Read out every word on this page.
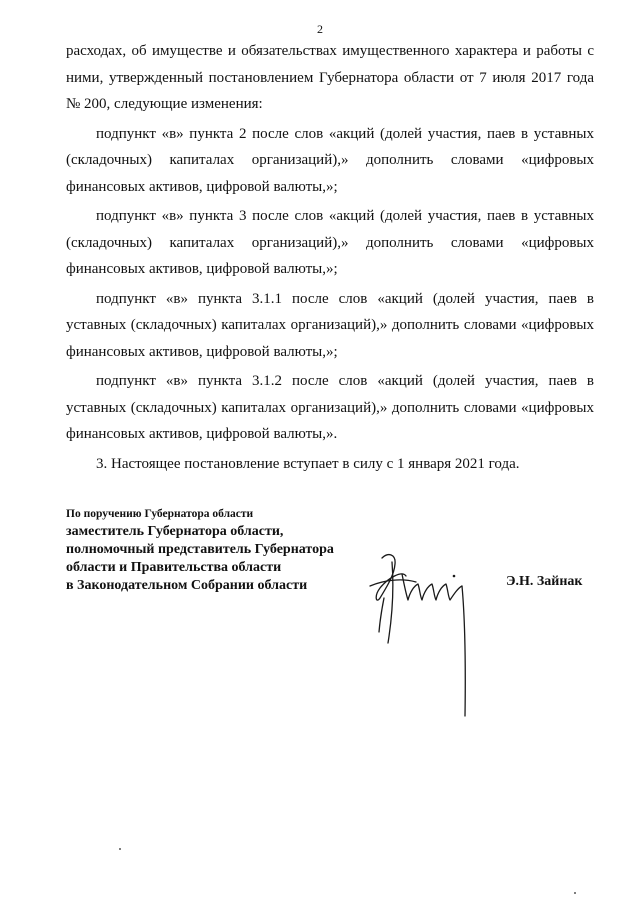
2

расходах, об имуществе и обязательствах имущественного характера и работы с ними, утвержденный постановлением Губернатора области от 7 июля 2017 года № 200, следующие изменения:

подпункт «в» пункта 2 после слов «акций (долей участия, паев в уставных (складочных) капиталах организаций),» дополнить словами «цифровых финансовых активов, цифровой валюты,»;

подпункт «в» пункта 3 после слов «акций (долей участия, паев в уставных (складочных) капиталах организаций),» дополнить словами «цифровых финансовых активов, цифровой валюты,»;

подпункт «в» пункта 3.1.1 после слов «акций (долей участия, паев в уставных (складочных) капиталах организаций),» дополнить словами «цифровых финансовых активов, цифровой валюты,»;

подпункт «в» пункта 3.1.2 после слов «акций (долей участия, паев в уставных (складочных) капиталах организаций),» дополнить словами «цифровых финансовых активов, цифровой валюты,».

3. Настоящее постановление вступает в силу с 1 января 2021 года.

По поручению Губернатора области
заместитель Губернатора области,
полномочный представитель Губернатора
области и Правительства области
в Законодательном Собрании области	Э.Н. Зайнак
